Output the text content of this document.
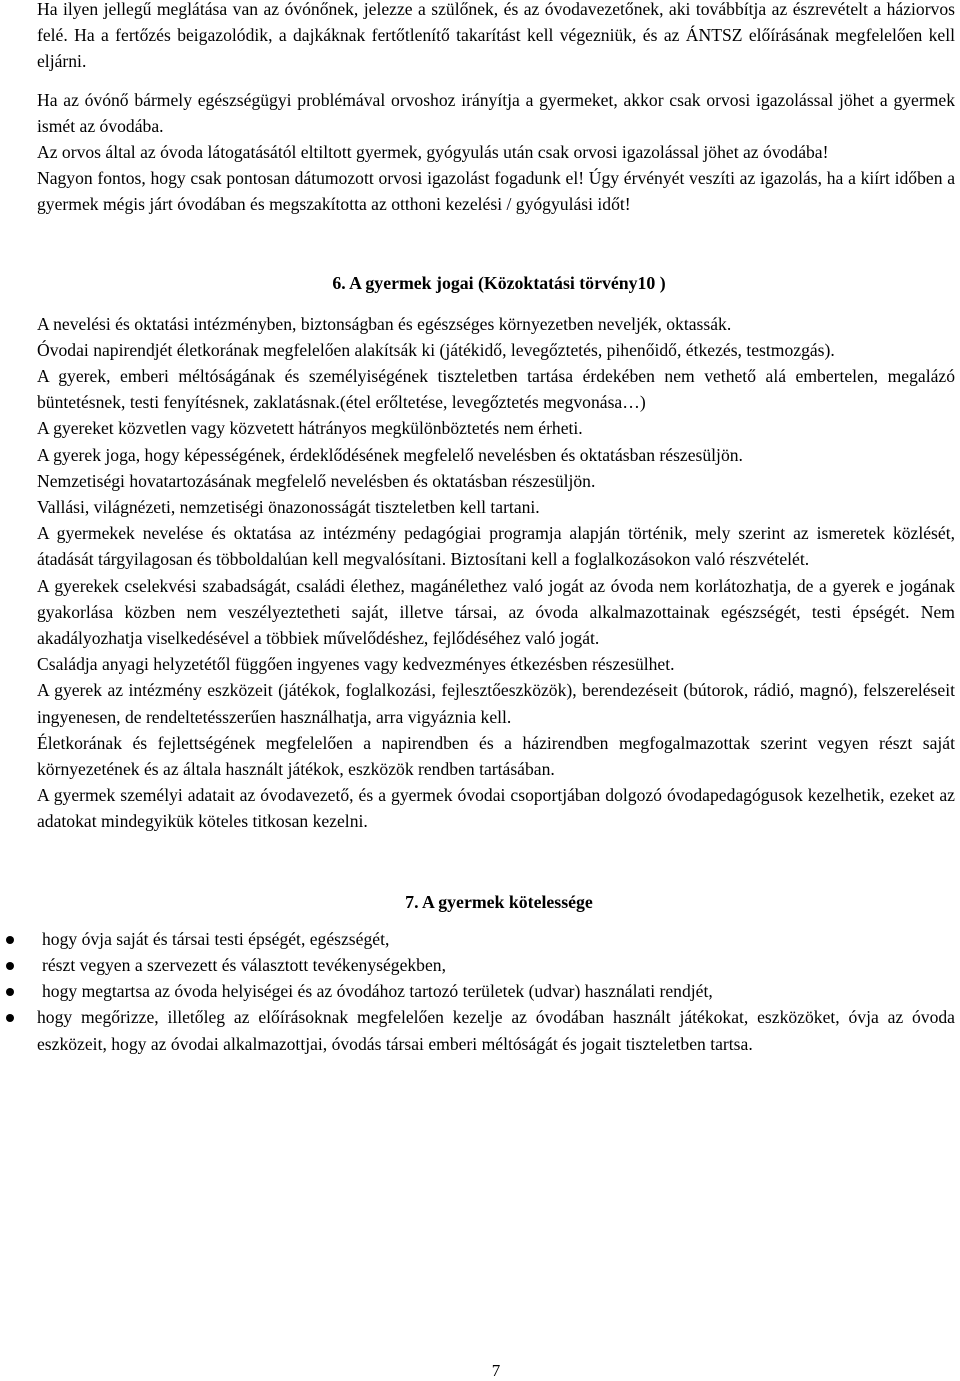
Ha ilyen jellegű meglátása van az óvónőnek, jelezze a szülőnek, és az óvodavezetőnek, aki továbbítja az észrevételt a háziorvos felé. Ha a fertőzés beigazolódik, a dajkáknak fertőtlenítő takarítást kell végezniük, és az ÁNTSZ előírásának megfelelően kell eljárni.

Ha az óvónő bármely egészségügyi problémával orvoshoz irányítja a gyermeket, akkor csak orvosi igazolással jöhet a gyermek ismét az óvodába.

Az orvos által az óvoda látogatásától eltiltott gyermek, gyógyulás után csak orvosi igazolással jöhet az óvodába!

Nagyon fontos, hogy csak pontosan dátumozott orvosi igazolást fogadunk el! Úgy érvényét veszíti az igazolás, ha a kiírt időben a gyermek mégis járt óvodában és megszakította az otthoni kezelési / gyógyulási időt!

6. A gyermek jogai (Közoktatási törvény10 )

A nevelési és oktatási intézményben, biztonságban és egészséges környezetben neveljék, oktassák.

Óvodai napirendjét életkorának megfelelően alakítsák ki (játékidő, levegőztetés, pihenőidő, étkezés, testmozgás).

A gyerek, emberi méltóságának és személyiségének tiszteletben tartása érdekében nem vethető alá embertelen, megalázó büntetésnek, testi fenyítésnek, zaklatásnak.(étel erőltetése, levegőztetés megvonása…)

A gyereket közvetlen vagy közvetett hátrányos megkülönböztetés nem érheti.

A gyerek joga, hogy képességének, érdeklődésének megfelelő nevelésben és oktatásban részesüljön.

Nemzetiségi hovatartozásának megfelelő nevelésben és oktatásban részesüljön.

Vallási, világnézeti, nemzetiségi önazonosságát tiszteletben kell tartani.

A gyermekek nevelése és oktatása az intézmény pedagógiai programja alapján történik, mely szerint az ismeretek közlését, átadását tárgyilagosan és többoldalúan kell megvalósítani. Biztosítani kell a foglalkozásokon való részvételét.

A gyerekek cselekvési szabadságát, családi élethez, magánélethez való jogát az óvoda nem korlátozhatja, de a gyerek e jogának gyakorlása közben nem veszélyeztetheti saját, illetve társai, az óvoda alkalmazottainak egészségét, testi épségét. Nem akadályozhatja viselkedésével a többiek művelődéshez, fejlődéséhez való jogát.

Családja anyagi helyzetétől függően ingyenes vagy kedvezményes étkezésben részesülhet.

A gyerek az intézmény eszközeit (játékok, foglalkozási, fejlesztőeszközök), berendezéseit (bútorok, rádió, magnó), felszereléseit ingyenesen, de rendeltetésszerűen használhatja, arra vigyáznia kell.

Életkorának és fejlettségének megfelelően a napirendben és a házirendben megfogalmazottak szerint vegyen részt saját környezetének és az általa használt játékok, eszközök rendben tartásában.

A gyermek személyi adatait az óvodavezető, és a gyermek óvodai csoportjában dolgozó óvodapedagógusok kezelhetik, ezeket az adatokat mindegyikük köteles titkosan kezelni.

7. A gyermek kötelessége
hogy óvja saját és társai testi épségét, egészségét,
részt vegyen a szervezett és választott tevékenységekben,
hogy megtartsa az óvoda helyiségei és az óvodához tartozó területek (udvar) használati rendjét,
hogy megőrizze, illetőleg az előírásoknak megfelelően kezelje az óvodában használt játékokat, eszközöket, óvja az óvoda eszközeit, hogy az óvodai alkalmazottjai, óvodás társai emberi méltóságát és jogait tiszteletben tartsa.
7
